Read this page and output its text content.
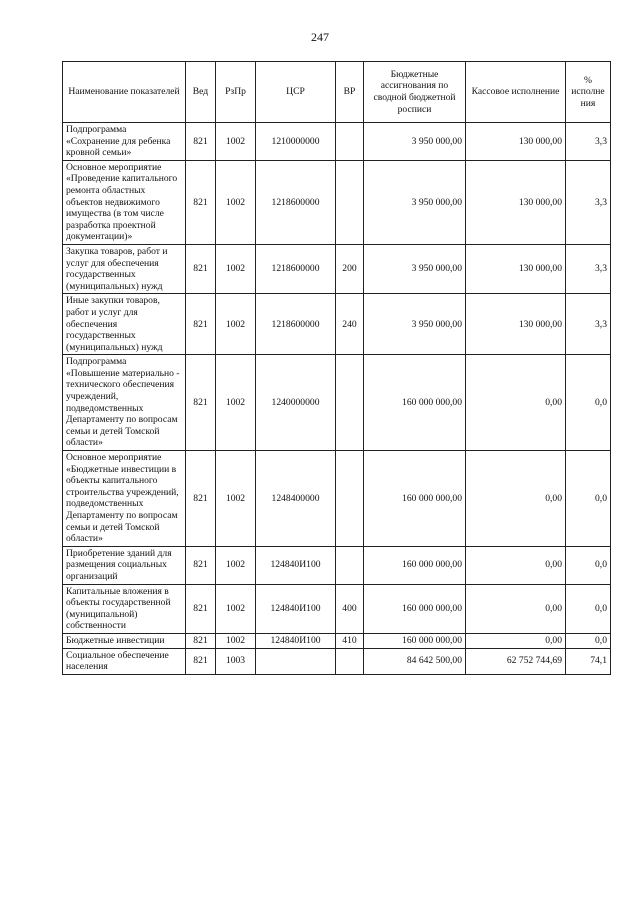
247
Наименование показателей	Вед	РзПр	ЦСР	ВР	Бюджетные ассигнования по сводной бюджетной росписи	Кассовое исполнение	% исполне ния
Подпрограмма «Сохранение для ребенка кровной семьи»	821	1002	1210000000		3 950 000,00	130 000,00	3,3
Основное мероприятие «Проведение капитального ремонта областных объектов недвижимого имущества (в том числе разработка проектной документации)»	821	1002	1218600000		3 950 000,00	130 000,00	3,3
Закупка товаров, работ и услуг для обеспечения государственных (муниципальных) нужд	821	1002	1218600000	200	3 950 000,00	130 000,00	3,3
Иные закупки товаров, работ и услуг для обеспечения государственных (муниципальных) нужд	821	1002	1218600000	240	3 950 000,00	130 000,00	3,3
Подпрограмма «Повышение материально - технического обеспечения учреждений, подведомственных Департаменту по вопросам семьи и детей Томской области»	821	1002	1240000000		160 000 000,00	0,00	0,0
Основное мероприятие «Бюджетные инвестиции в объекты капитального строительства учреждений, подведомственных Департаменту по вопросам семьи и детей Томской области»	821	1002	1248400000		160 000 000,00	0,00	0,0
Приобретение зданий для размещения социальных организаций	821	1002	124840И100		160 000 000,00	0,00	0,0
Капитальные вложения в объекты государственной (муниципальной) собственности	821	1002	124840И100	400	160 000 000,00	0,00	0,0
Бюджетные инвестиции	821	1002	124840И100	410	160 000 000,00	0,00	0,0
Социальное обеспечение населения	821	1003			84 642 500,00	62 752 744,69	74,1
